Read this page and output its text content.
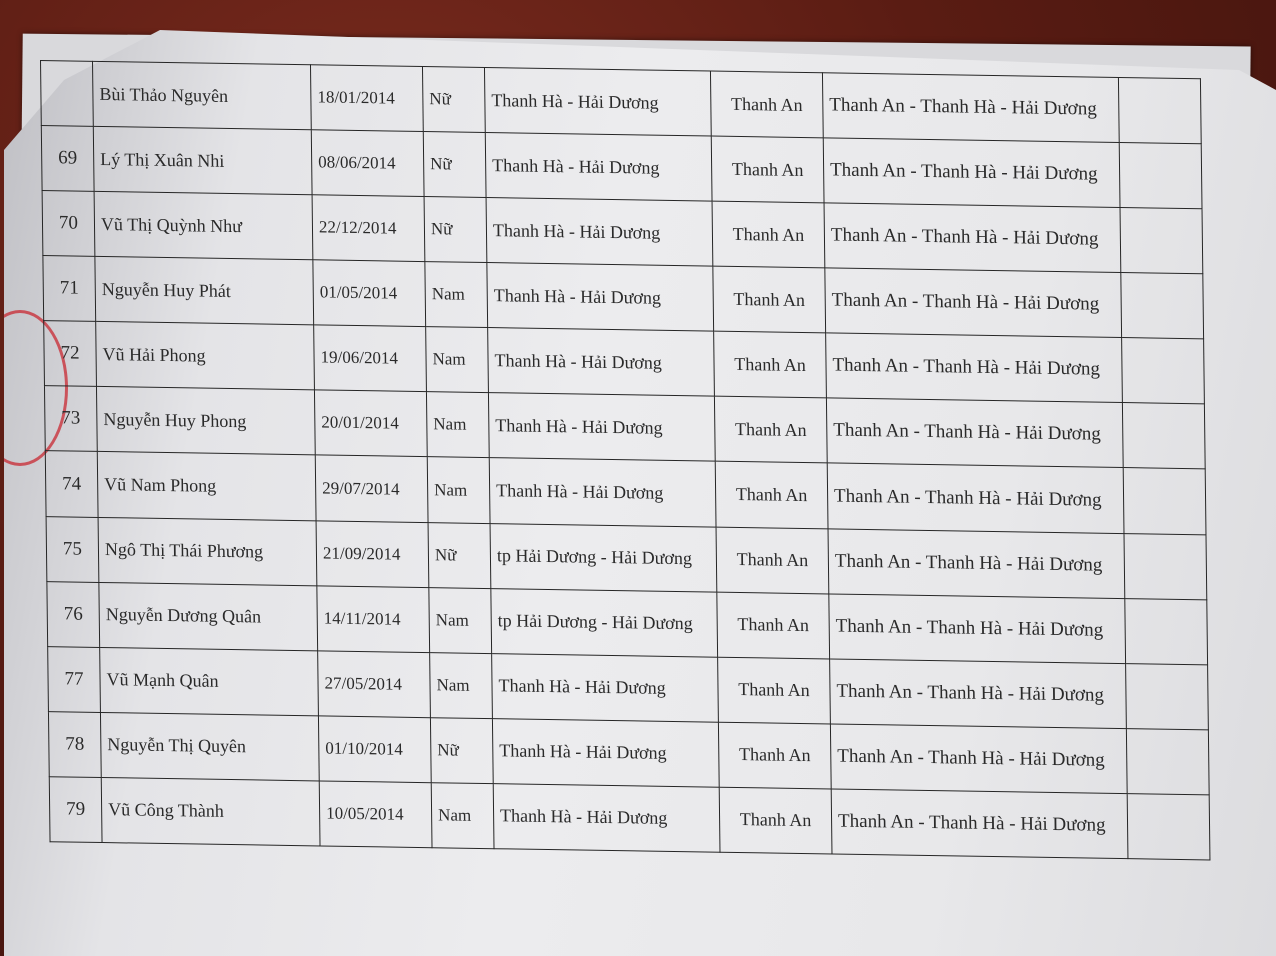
	Bùi Thảo Nguyên	18/01/2014	Nữ	Thanh Hà - Hải Dương	Thanh An	Thanh An - Thanh Hà - Hải Dương	
69	Lý Thị Xuân Nhi	08/06/2014	Nữ	Thanh Hà - Hải Dương	Thanh An	Thanh An - Thanh Hà - Hải Dương	
70	Vũ Thị Quỳnh Như	22/12/2014	Nữ	Thanh Hà - Hải Dương	Thanh An	Thanh An - Thanh Hà - Hải Dương	
71	Nguyễn Huy Phát	01/05/2014	Nam	Thanh Hà - Hải Dương	Thanh An	Thanh An - Thanh Hà - Hải Dương	
72	Vũ Hải Phong	19/06/2014	Nam	Thanh Hà - Hải Dương	Thanh An	Thanh An - Thanh Hà - Hải Dương	
73	Nguyễn Huy Phong	20/01/2014	Nam	Thanh Hà - Hải Dương	Thanh An	Thanh An - Thanh Hà - Hải Dương	
74	Vũ Nam Phong	29/07/2014	Nam	Thanh Hà - Hải Dương	Thanh An	Thanh An - Thanh Hà - Hải Dương	
75	Ngô Thị Thái Phương	21/09/2014	Nữ	tp Hải Dương - Hải Dương	Thanh An	Thanh An - Thanh Hà - Hải Dương	
76	Nguyễn Dương Quân	14/11/2014	Nam	tp Hải Dương - Hải Dương	Thanh An	Thanh An - Thanh Hà - Hải Dương	
77	Vũ Mạnh Quân	27/05/2014	Nam	Thanh Hà - Hải Dương	Thanh An	Thanh An - Thanh Hà - Hải Dương	
78	Nguyễn Thị Quyên	01/10/2014	Nữ	Thanh Hà - Hải Dương	Thanh An	Thanh An - Thanh Hà - Hải Dương	
79	Vũ Công Thành	10/05/2014	Nam	Thanh Hà - Hải Dương	Thanh An	Thanh An - Thanh Hà - Hải Dương	
